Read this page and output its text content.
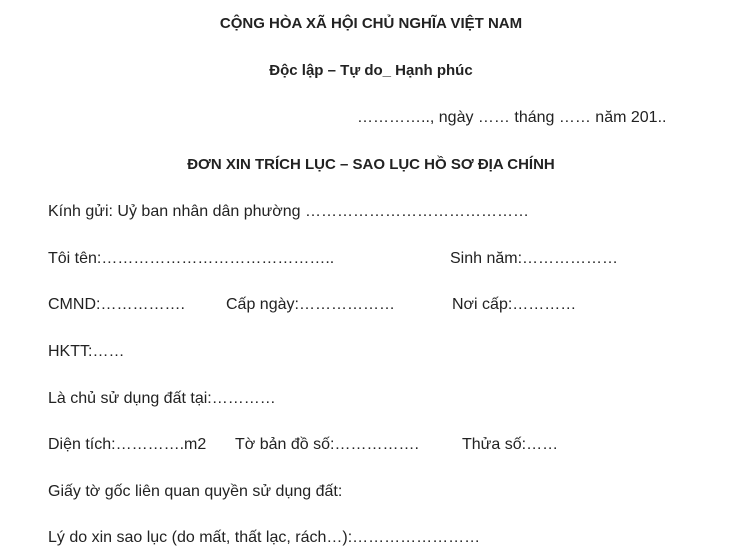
CỘNG HÒA XÃ HỘI CHỦ NGHĨA VIỆT NAM
Độc lập – Tự do_ Hạnh phúc
………….., ngày …… tháng …… năm 201..
ĐƠN XIN TRÍCH LỤC – SAO LỤC HỒ SƠ ĐỊA CHÍNH
Kính gửi: Uỷ ban nhân dân phường ……………………………………
Tôi tên:……………………………………..	Sinh năm:………………
CMND:…………….	Cấp ngày:………………	Nơi cấp:…………
HKTT:……
Là chủ sử dụng đất tại:…………
Diện tích:………….m2 Tờ bản đồ số:…………….	Thửa số:……
Giấy tờ gốc liên quan quyền sử dụng đất:
Lý do xin sao lục (do mất, thất lạc, rách…):……………………
